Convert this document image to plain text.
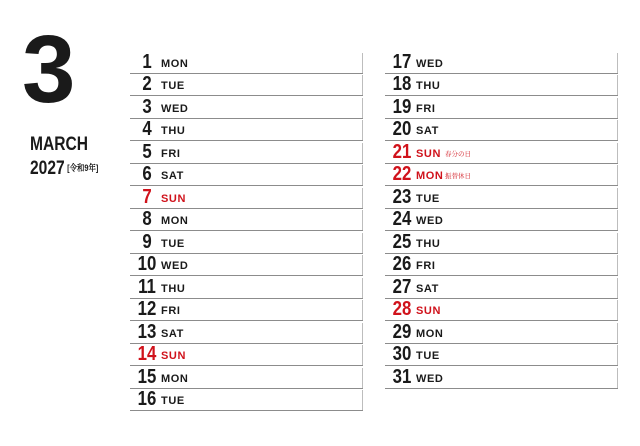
3
MARCH
2027 [令和9年]
1 MON
2 TUE
3 WED
4 THU
5 FRI
6 SAT
7 SUN
8 MON
9 TUE
10 WED
11 THU
12 FRI
13 SAT
14 SUN
15 MON
16 TUE
17 WED
18 THU
19 FRI
20 SAT
21 SUN 春分の日
22 MON 振替休日
23 TUE
24 WED
25 THU
26 FRI
27 SAT
28 SUN
29 MON
30 TUE
31 WED
